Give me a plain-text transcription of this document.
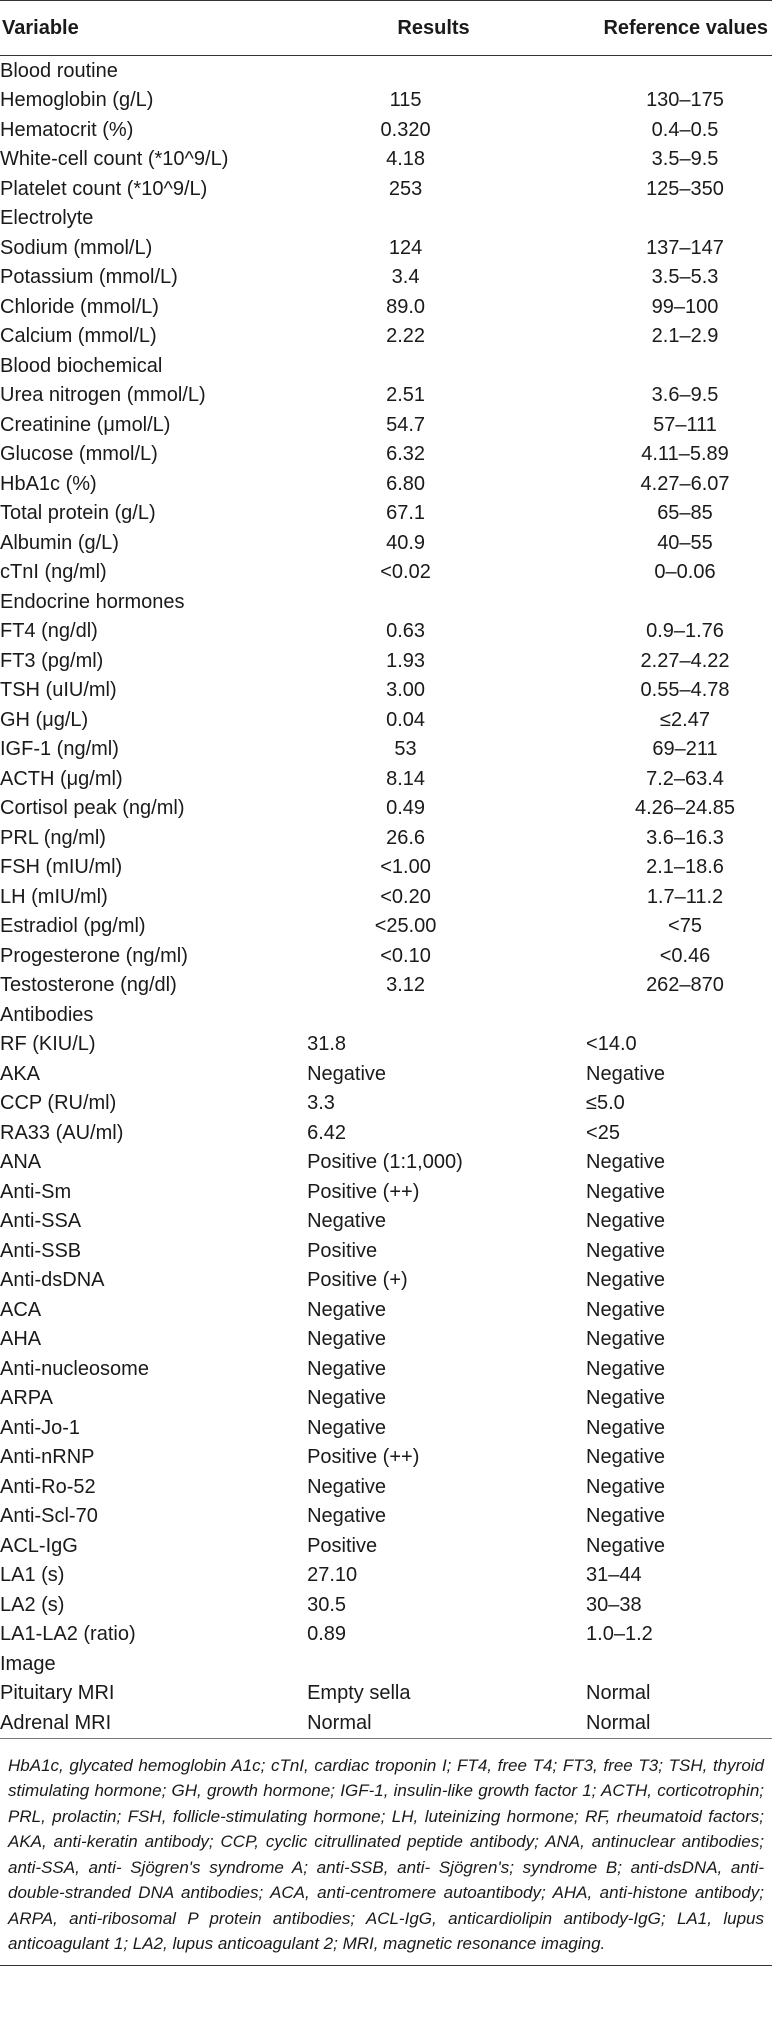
Variable	Results	Reference values
Blood routine		
Hemoglobin (g/L)	115	130–175
Hematocrit (%)	0.320	0.4–0.5
White-cell count (*10^9/L)	4.18	3.5–9.5
Platelet count (*10^9/L)	253	125–350
Electrolyte		
Sodium (mmol/L)	124	137–147
Potassium (mmol/L)	3.4	3.5–5.3
Chloride (mmol/L)	89.0	99–100
Calcium (mmol/L)	2.22	2.1–2.9
Blood biochemical		
Urea nitrogen (mmol/L)	2.51	3.6–9.5
Creatinine (μmol/L)	54.7	57–111
Glucose (mmol/L)	6.32	4.11–5.89
HbA1c (%)	6.80	4.27–6.07
Total protein (g/L)	67.1	65–85
Albumin (g/L)	40.9	40–55
cTnI (ng/ml)	<0.02	0–0.06
Endocrine hormones		
FT4 (ng/dl)	0.63	0.9–1.76
FT3 (pg/ml)	1.93	2.27–4.22
TSH (uIU/ml)	3.00	0.55–4.78
GH (μg/L)	0.04	≤2.47
IGF-1 (ng/ml)	53	69–211
ACTH (μg/ml)	8.14	7.2–63.4
Cortisol peak (ng/ml)	0.49	4.26–24.85
PRL (ng/ml)	26.6	3.6–16.3
FSH (mIU/ml)	<1.00	2.1–18.6
LH (mIU/ml)	<0.20	1.7–11.2
Estradiol (pg/ml)	<25.00	<75
Progesterone (ng/ml)	<0.10	<0.46
Testosterone (ng/dl)	3.12	262–870
Antibodies		
RF (KIU/L)	31.8	<14.0
AKA	Negative	Negative
CCP (RU/ml)	3.3	≤5.0
RA33 (AU/ml)	6.42	<25
ANA	Positive (1:1,000)	Negative
Anti-Sm	Positive (++)	Negative
Anti-SSA	Negative	Negative
Anti-SSB	Positive	Negative
Anti-dsDNA	Positive (+)	Negative
ACA	Negative	Negative
AHA	Negative	Negative
Anti-nucleosome	Negative	Negative
ARPA	Negative	Negative
Anti-Jo-1	Negative	Negative
Anti-nRNP	Positive (++)	Negative
Anti-Ro-52	Negative	Negative
Anti-Scl-70	Negative	Negative
ACL-IgG	Positive	Negative
LA1 (s)	27.10	31–44
LA2 (s)	30.5	30–38
LA1-LA2 (ratio)	0.89	1.0–1.2
Image		
Pituitary MRI	Empty sella	Normal
Adrenal MRI	Normal	Normal
HbA1c, glycated hemoglobin A1c; cTnI, cardiac troponin I; FT4, free T4; FT3, free T3; TSH, thyroid stimulating hormone; GH, growth hormone; IGF-1, insulin-like growth factor 1; ACTH, corticotrophin; PRL, prolactin; FSH, follicle-stimulating hormone; LH, luteinizing hormone; RF, rheumatoid factors; AKA, anti-keratin antibody; CCP, cyclic citrullinated peptide antibody; ANA, antinuclear antibodies; anti-SSA, anti- Sjögren's syndrome A; anti-SSB, anti- Sjögren's; syndrome B; anti-dsDNA, anti-double-stranded DNA antibodies; ACA, anti-centromere autoantibody; AHA, anti-histone antibody; ARPA, anti-ribosomal P protein antibodies; ACL-IgG, anticardiolipin antibody-IgG; LA1, lupus anticoagulant 1; LA2, lupus anticoagulant 2; MRI, magnetic resonance imaging.
